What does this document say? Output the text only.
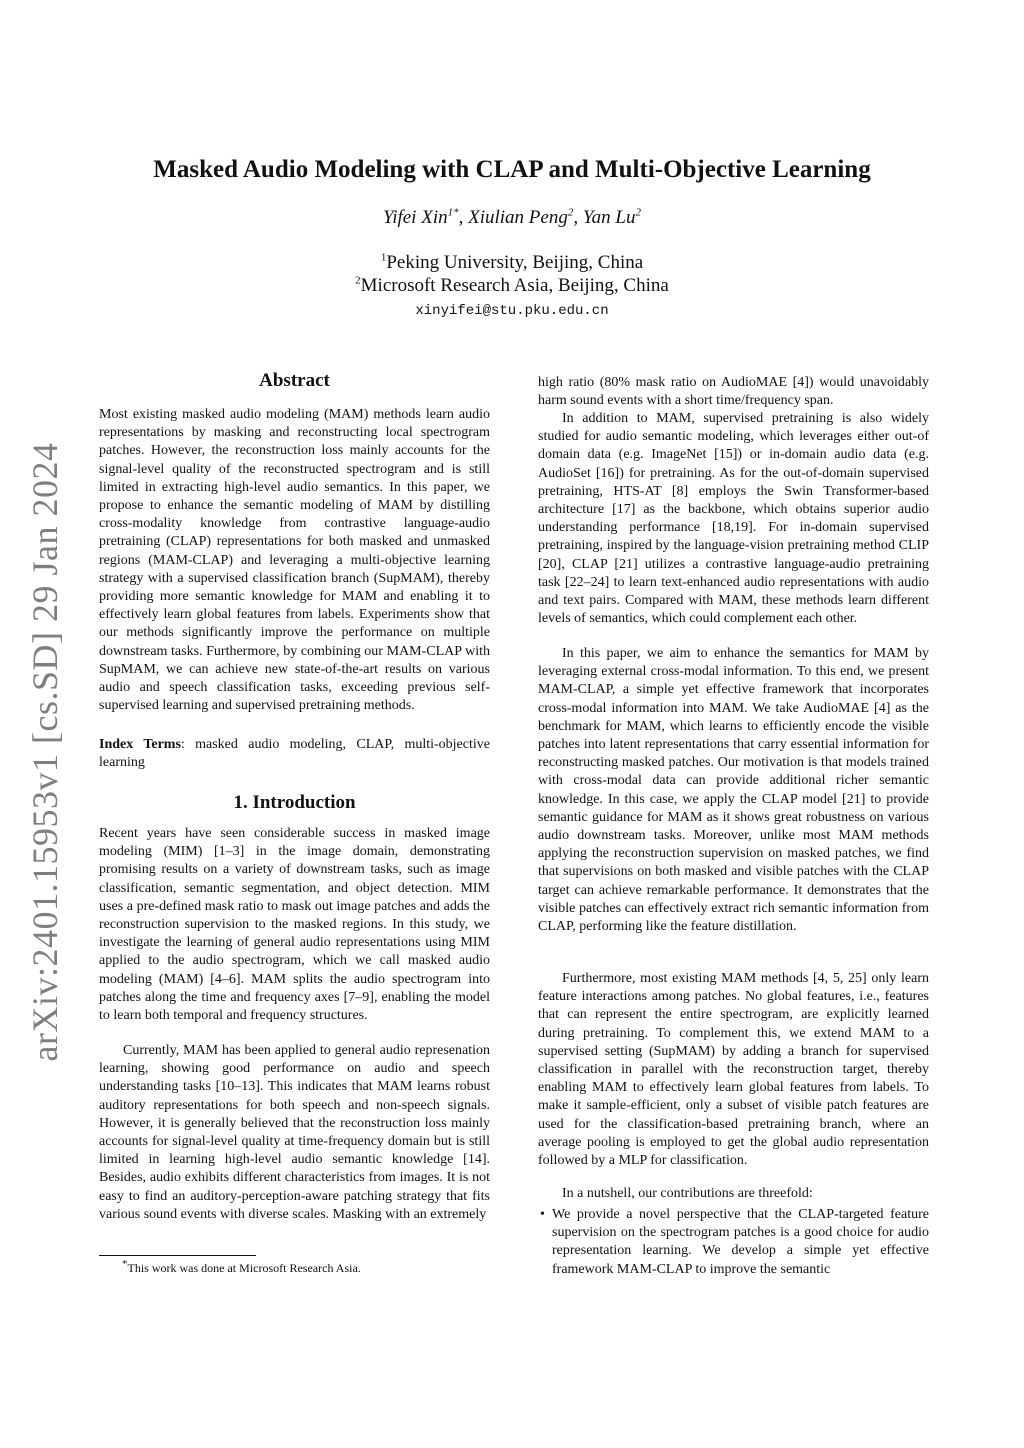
arXiv:2401.15953v1 [cs.SD] 29 Jan 2024
Masked Audio Modeling with CLAP and Multi-Objective Learning
Yifei Xin$^{1*}$, Xiulian Peng$^2$, Yan Lu$^2$
$^1$Peking University, Beijing, China
$^2$Microsoft Research Asia, Beijing, China
xinyifei@stu.pku.edu.cn
Abstract

Most existing masked audio modeling (MAM) methods learn audio representations by masking and reconstructing local spectrogram patches. However, the reconstruction loss mainly accounts for the signal-level quality of the reconstructed spectrogram and is still limited in extracting high-level audio semantics. In this paper, we propose to enhance the semantic modeling of MAM by distilling cross-modality knowledge from contrastive language-audio pretraining (CLAP) representations for both masked and unmasked regions (MAM-CLAP) and leveraging a multi-objective learning strategy with a supervised classification branch (SupMAM), thereby providing more semantic knowledge for MAM and enabling it to effectively learn global features from labels. Experiments show that our methods significantly improve the performance on multiple downstream tasks. Furthermore, by combining our MAM-CLAP with SupMAM, we can achieve new state-of-the-art results on various audio and speech classification tasks, exceeding previous self-supervised learning and supervised pretraining methods.

Index Terms: masked audio modeling, CLAP, multi-objective learning

1. Introduction

Recent years have seen considerable success in masked image modeling (MIM) [1–3] in the image domain, demonstrating promising results on a variety of downstream tasks, such as image classification, semantic segmentation, and object detection. MIM uses a pre-defined mask ratio to mask out image patches and adds the reconstruction supervision to the masked regions. In this study, we investigate the learning of general audio representations using MIM applied to the audio spectrogram, which we call masked audio modeling (MAM) [4–6]. MAM splits the audio spectrogram into patches along the time and frequency axes [7–9], enabling the model to learn both temporal and frequency structures.

Currently, MAM has been applied to general audio represenation learning, showing good performance on audio and speech understanding tasks [10–13]. This indicates that MAM learns robust auditory representations for both speech and non-speech signals. However, it is generally believed that the reconstruction loss mainly accounts for signal-level quality at time-frequency domain but is still limited in learning high-level audio semantic knowledge [14]. Besides, audio exhibits different characteristics from images. It is not easy to find an auditory-perception-aware patching strategy that fits various sound events with diverse scales. Masking with an extremely

high ratio (80% mask ratio on AudioMAE [4]) would unavoidably harm sound events with a short time/frequency span.

In addition to MAM, supervised pretraining is also widely studied for audio semantic modeling, which leverages either out-of domain data (e.g. ImageNet [15]) or in-domain audio data (e.g. AudioSet [16]) for pretraining. As for the out-of-domain supervised pretraining, HTS-AT [8] employs the Swin Transformer-based architecture [17] as the backbone, which obtains superior audio understanding performance [18,19]. For in-domain supervised pretraining, inspired by the language-vision pretraining method CLIP [20], CLAP [21] utilizes a contrastive language-audio pretraining task [22–24] to learn text-enhanced audio representations with audio and text pairs. Compared with MAM, these methods learn different levels of semantics, which could complement each other.

In this paper, we aim to enhance the semantics for MAM by leveraging external cross-modal information. To this end, we present MAM-CLAP, a simple yet effective framework that incorporates cross-modal information into MAM. We take AudioMAE [4] as the benchmark for MAM, which learns to efficiently encode the visible patches into latent representations that carry essential information for reconstructing masked patches. Our motivation is that models trained with cross-modal data can provide additional richer semantic knowledge. In this case, we apply the CLAP model [21] to provide semantic guidance for MAM as it shows great robustness on various audio downstream tasks. Moreover, unlike most MAM methods applying the reconstruction supervision on masked patches, we find that supervisions on both masked and visible patches with the CLAP target can achieve remarkable performance. It demonstrates that the visible patches can effectively extract rich semantic information from CLAP, performing like the feature distillation.

Furthermore, most existing MAM methods [4, 5, 25] only learn feature interactions among patches. No global features, i.e., features that can represent the entire spectrogram, are explicitly learned during pretraining. To complement this, we extend MAM to a supervised setting (SupMAM) by adding a branch for supervised classification in parallel with the reconstruction target, thereby enabling MAM to effectively learn global features from labels. To make it sample-efficient, only a subset of visible patch features are used for the classification-based pretraining branch, where an average pooling is employed to get the global audio representation followed by a MLP for classification.

In a nutshell, our contributions are threefold:

• We provide a novel perspective that the CLAP-targeted feature supervision on the spectrogram patches is a good choice for audio representation learning. We develop a simple yet effective framework MAM-CLAP to improve the semantic

*This work was done at Microsoft Research Asia.
